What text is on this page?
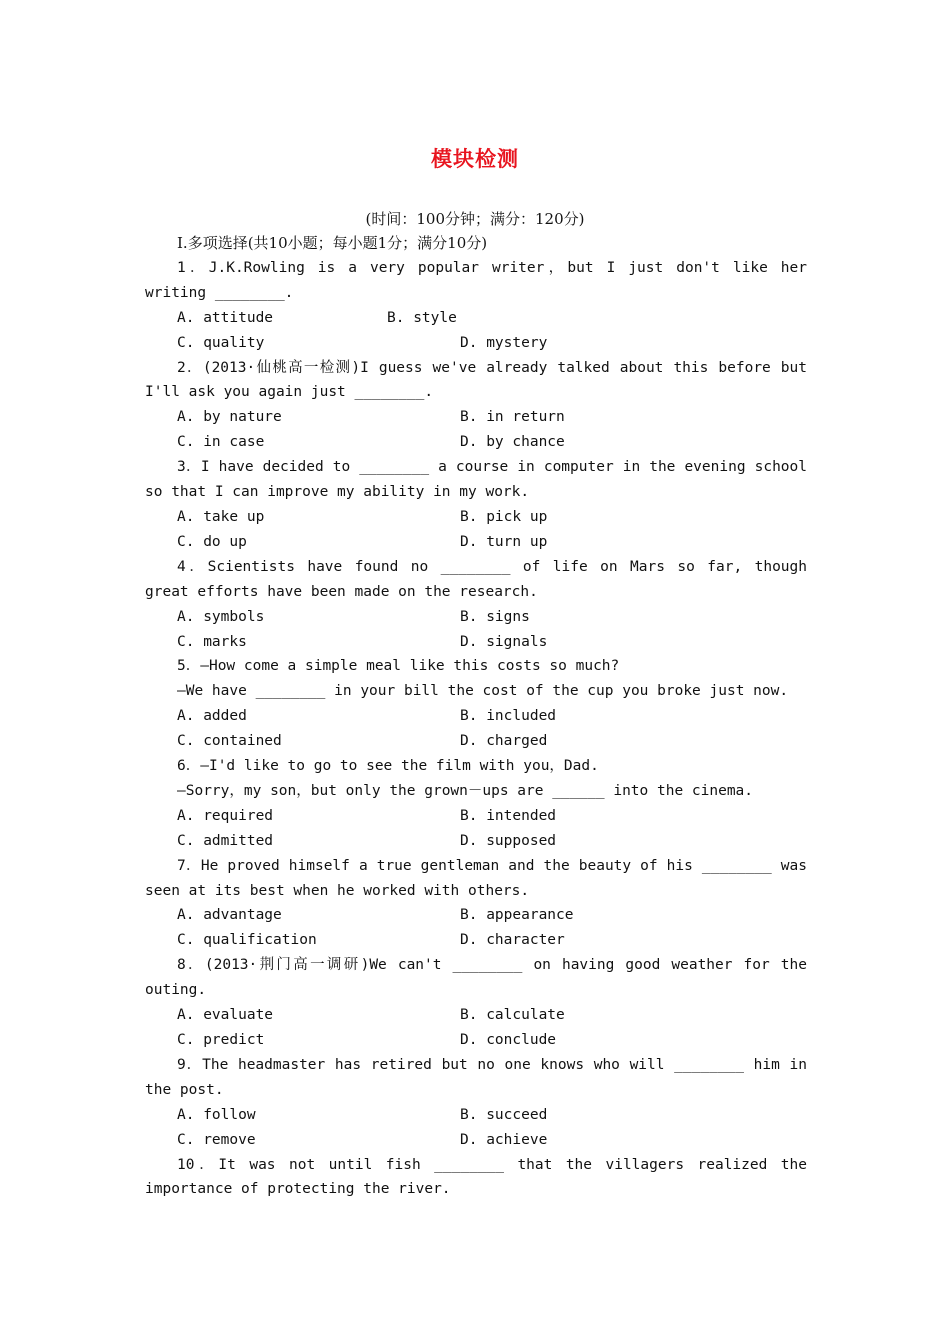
模块检测
(时间：100分钟；满分：120分)
Ⅰ.多项选择(共10小题；每小题1分；满分10分)
1．J.K.Rowling is a very popular writer，but I just don't like her writing ________.
A. attitude	B. style
C. quality	D. mystery
2．(2013·仙桃高一检测)I guess we've already talked about this before but I'll ask you again just ________.
A. by nature	B. in return
C. in case	D. by chance
3．I have decided to ________ a course in computer in the evening school so that I can improve my ability in my work.
A. take up	B. pick up
C. do up	D. turn up
4．Scientists have found no ________ of life on Mars so far, though great efforts have been made on the research.
A. symbols	B. signs
C. marks	D. signals
5．—How come a simple meal like this costs so much?
—We have ________ in your bill the cost of the cup you broke just now.
A. added	B. included
C. contained	D. charged
6．—I'd like to go to see the film with you，Dad.
—Sorry，my son，but only the grown－ups are ______ into the cinema.
A. required	B. intended
C. admitted	D. supposed
7．He proved himself a true gentleman and the beauty of his ________ was seen at its best when he worked with others.
A. advantage	B. appearance
C. qualification	D. character
8．(2013·荆门高一调研)We can't ________ on having good weather for the outing.
A. evaluate	B. calculate
C. predict	D. conclude
9．The headmaster has retired but no one knows who will ________ him in the post.
A. follow	B. succeed
C. remove	D. achieve
10．It was not until fish ________ that the villagers realized the importance of protecting the river.
